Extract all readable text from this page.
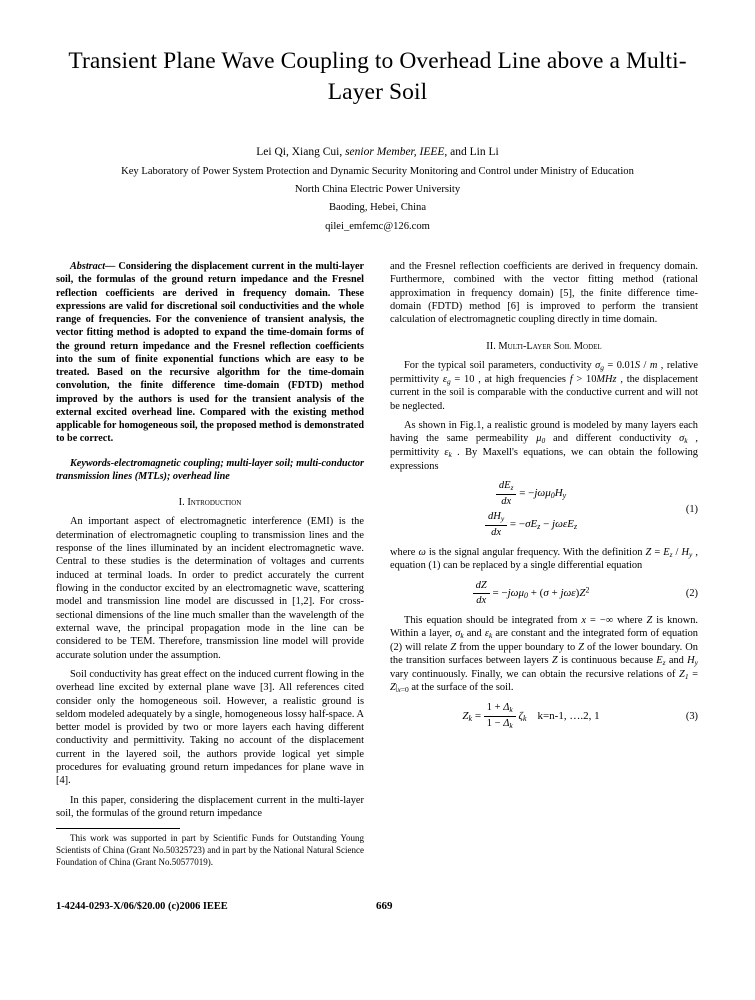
Transient Plane Wave Coupling to Overhead Line above a Multi-Layer Soil
Lei Qi, Xiang Cui, senior Member, IEEE, and Lin Li
Key Laboratory of Power System Protection and Dynamic Security Monitoring and Control under Ministry of Education
North China Electric Power University
Baoding, Hebei, China
qilei_emfemc@126.com
Abstract— Considering the displacement current in the multi-layer soil, the formulas of the ground return impedance and the Fresnel reflection coefficients are derived in frequency domain. These expressions are valid for discretional soil conductivities and the whole range of frequencies. For the convenience of transient analysis, the vector fitting method is adopted to expand the time-domain forms of the ground return impedance and the Fresnel reflection coefficients into the sum of finite exponential functions which are easy to be treated. Based on the recursive algorithm for the time-domain convolution, the finite difference time-domain (FDTD) method improved by the authors is used for the transient analysis of the external excited overhead line. Compared with the existing method applicable for homogeneous soil, the proposed method is demonstrated to be correct.
Keywords-electromagnetic coupling; multi-layer soil; multi-conductor transmission lines (MTLs); overhead line
I. Introduction

An important aspect of electromagnetic interference (EMI) is the determination of electromagnetic coupling to transmission lines and the response of the lines illuminated by an incident electromagnetic wave. Central to these studies is the determination of voltages and currents induced at terminal loads. In order to predict accurately the current flowing in the conductor excited by an electromagnetic wave, scattering model and transmission line model are discussed in [1,2]. For cross-sectional dimensions of the line much smaller than the wavelength of the external wave, the principal propagation mode in the line can be considered to be TEM. Therefore, transmission line model will provide accurate solution under the assumption.

Soil conductivity has great effect on the induced current flowing in the overhead line excited by external plane wave [3]. All references cited consider only the homogeneous soil. However, a realistic ground is seldom modeled adequately by a single, homogeneous lossy half-space. A better model is provided by two or more layers each having different conductivity and permittivity. Taking no account of the displacement current in the layered soil, the authors provide logical yet simple procedures for evaluating ground return impedances for plane wave in [4].

In this paper, considering the displacement current in the multi-layer soil, the formulas of the ground return impedance

This work was supported in part by Scientific Funds for Outstanding Young Scientists of China (Grant No.50325723) and in part by the National Natural Science Foundation of China (Grant No.50577019).

and the Fresnel reflection coefficients are derived in frequency domain. Furthermore, combined with the vector fitting method (rational approximation in frequency domain) [5], the finite difference time-domain (FDTD) method [6] is improved to perform the transient calculation of electromagnetic coupling directly in time domain.

II. Multi-Layer Soil Model

For the typical soil parameters, conductivity $\sigma_g = 0.01S / m$ , relative permittivity $\varepsilon_g = 10$ , at high frequencies f > 10MHz , the displacement current in the soil is comparable with the conductive current and will not be neglected.

As shown in Fig.1, a realistic ground is modeled by many layers each having the same permeability $\mu_0$ and different conductivity $\sigma_k$ , permittivity $\varepsilon_k$ . By Maxell's equations, we can obtain the following expressions

$\frac{dE_z}{dx} = -j\omega\mu_0H_y$
$\frac{dH_y}{dx} = -\sigma E_z - j\omega\varepsilon E_z$
(1)

where ω is the signal angular frequency. With the definition $Z = E_z / H_y$ , equation (1) can be replaced by a single differential equation

$\frac{dZ}{dx} = -j\omega\mu_0 + (\sigma + j\omega\varepsilon)Z^2$	(2)

This equation should be integrated from x = −∞ where Z is known. Within a layer, $\sigma_k$ and $\varepsilon_k$ are constant and the integrated form of equation (2) will relate Z from the upper boundary to Z of the lower boundary. On the transition surfaces between layers Z is continuous because $E_z$ and $H_y$ vary continuously. Finally, we can obtain the recursive relations of $Z_1 = Z|_{x=0}$ at the surface of the soil.

$Z_k = \frac{1 + \Delta_k}{1 - \Delta_k} \zeta_k$ k=n-1, ….2, 1	(3)
1-4244-0293-X/06/$20.00 (c)2006 IEEE	669
